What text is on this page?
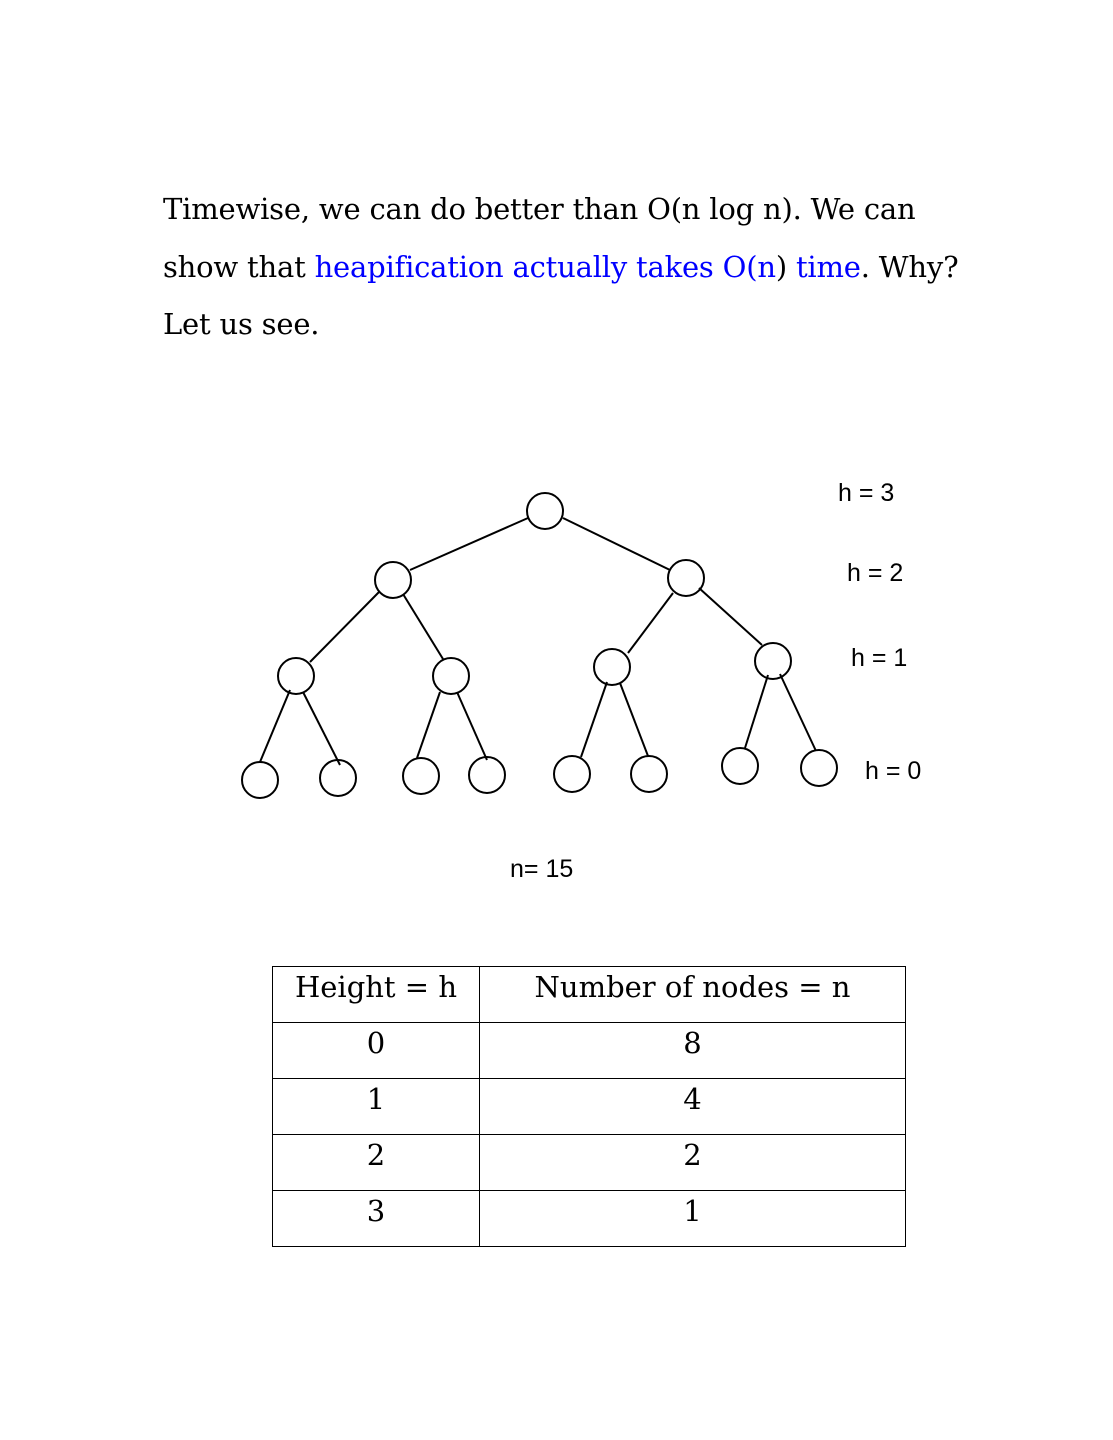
Timewise, we can do better than O(n log n). We can
show that heapification actually takes O(n) time. Why?
Let us see.
h = 3
h = 2
h = 1
h = 0
n= 15
Height = h	Number of nodes = n
0	8
1	4
2	2
3	1
